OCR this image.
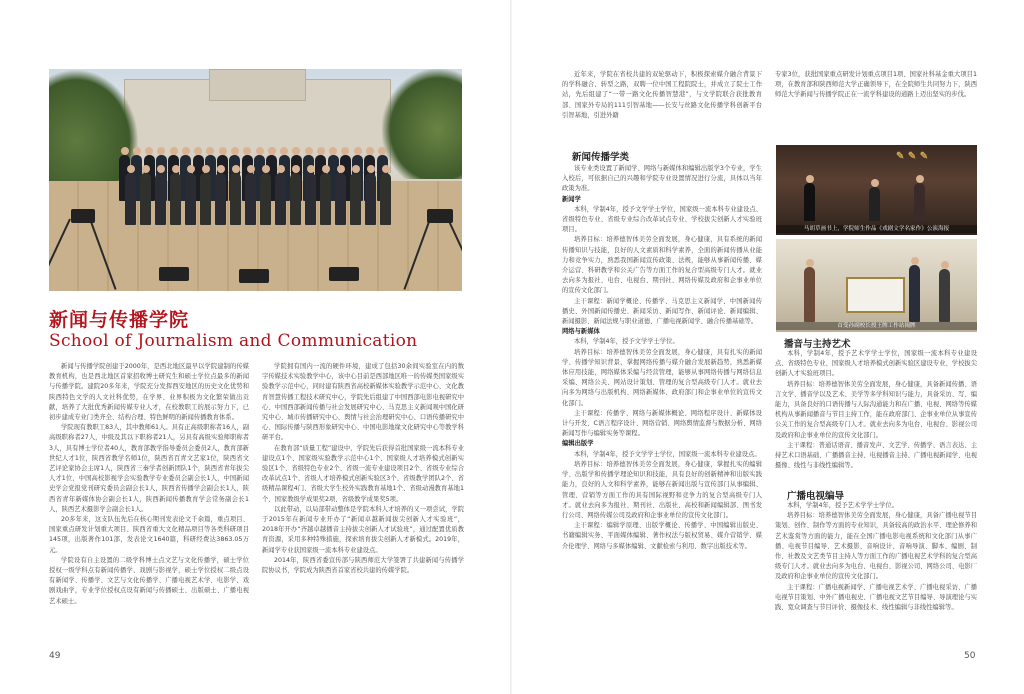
新闻与传播学院
School of Journalism and Communication

新闻与传播学院创建于2000年，是西北地区最早以学院建制的传媒教育机构，也是西北地区首家招收博士研究生和硕士学位点最多的新闻与传播学院。建院20多年来，学院充分发挥西安地区的历史文化优势和陕西特色文学的人文社科优势，在学界、业界积极为文化繁荣做出贡献，培养了大批优秀新闻传媒专业人才，在校教职工的展示努力下，已初步建成专业门类齐全、结构合理、特色鲜明的新闻传播教育体系。

学院现有教职工83人，其中教师61人。具有正高级职称者16人，副高级职称者27人，中级及其以下职称者21人，另具有高级实验师职称者3人，具有博士学位者40人，教育部教学指导委员会委员2人，教育部新世纪人才1位，陕西省教学名师1位，陕西省百青文艺家1位，陕西省文艺评论家协会主席1人，陕西省三秦学者创新团队1个，陕西省青年拔尖人才1位，中国高校影视学会实验教学专业委员会副会长1人，中国新闻史学会党报党刊研究委员会副会长1人，陕西省传播学会副会长1人，陕西省青年新媒体协会副会长1人，陕西新闻传播教育学会常务副会长1人，陕西艺术摄影学会副会长1人。

20多年来，这支队伍先后在核心期刊发表论文千余篇，重点项目、国家重点研发计划重大项目、陕西省重大文化精品项目等各类科研项目145项，出版著作101部，发表论文1640篇，科研经费达3863.05万元。

学院设有自主设置的二级学科博士点文艺与文化传播学，硕士学位授权一级学科点有新闻传播学、戏剧与影视学，硕士学位授权二级点设有新闻学、传播学、文艺与文化传播学、广播电视艺术学、电影学、戏剧戏曲学，专业学位授权点设有新闻与传播硕士、出版硕士、广播电视艺术硕士。

学院拥有国内一流的硬件环境，建成了包括30余间实验室在内的数字传媒技术实验教学中心，该中心目前是西部地区唯一的传媒类国家级实验教学示范中心，同时建有陕西省高校新媒体实验教学示范中心、文化教育智慧传播工程技术研究中心，学院先后组建了中国西部电影电视研究中心、中国西部新闻传播与社会发展研究中心、马克思主义新闻观中国化研究中心、城市传播研究中心、舆情与社会治理研究中心、口语传播研究中心、国际传播与陕西形象研究中心、中国电影地缘文化研究中心等教学科研平台。

在教育部“质量工程”建设中，学院先后获得首批国家级一流本科专业建设点1个、国家级实验教学示范中心1个、国家级人才培养模式创新实验区1个、省级特色专业2个、省级一流专业建设项目2个、省级专业综合改革试点1个、省级人才培养模式创新实验区3个、省级教学团队2个、省级精品课程4门、省级大学生校外实践教育基地1个、省级动漫教育基地1个、国家教级学成果奖2项、省级教学成果奖5项。

以此带动，以局部带动整体是学院本科人才培养的又一项尝试，学院于2015年在新闻专业开办了“新闻卓越新闻拔尖创新人才实验班”，2018年开办“齐越卓越播音主持拔尖创新人才试验班”，通过配置优质教育资源，采用多种特殊措施，探索培育拔尖创新人才新模式。2019年，新闻学专业获国家级一流本科专业建设点。

2014年，陕西省委宣传部与陕西师范大学签署了共建新闻与传播学院协议书，学院成为陕西省首家省校共建的传媒学院。

49

近年来，学院在省校共建的双轮驱动下，积极探索媒介融合背景下的学科融合、转型之路，双聘一位中国工程院院士，并成立了院士工作站，先后组建了“一带一路文化传播智慧港”，与文学院联合获批教育部、国家外专局的111引智基地——长安与丝路文化传播学科创新平台引智基地，引进外籍

专家3位，获批国家重点研发计划重点项目1项、国家社科基金重大项目1项，在教育部和陕西师范大学正确领导下，在全院师生共同努力下，陕西师范大学新闻与传播学院正在一流学科建设的道路上迈出坚实的步伐。

新闻传播学类

该专业类设置了新闻学、网络与新媒体和编辑出版学3个专业，学生入校后，可依据自己的兴趣和学院专业设置情况进行分流，具体以当年政策为准。

新闻学

本科，学制4年，授予文学学士学位，国家级一流本科专业建设点、省级特色专业、省级专业综合改革试点专业、学校拔尖创新人才实验班项目。

培养目标：培养德智体美劳全面发展，身心健康，具有系统的新闻传播知识与技能，良好的人文素质和科学素养，全面的新闻传播从业能力和竞争实力，熟悉我国新闻宣传政策、法规，能够从事新闻传播、媒介运营、科研教学和公关广告等方面工作的复合型高级专门人才。就业去向多为报社、电台、电视台、期刊社、网络传媒及政府和企事业单位的宣传文化部门。

主干课程：新闻学概论、传播学、马克思主义新闻学、中国新闻传播史、外国新闻传播史、新闻采访、新闻写作、新闻评论、新闻编辑、新闻摄影、新闻法规与职业道德、广播电视新闻学、融合传播基础等。

网络与新媒体

本科，学制4年，授予文学学士学位。

培养目标：培养德智体美劳全面发展，身心健康，具有扎实的新闻学、传播学知识背景，掌握网络传播与媒介融合发展新趋势，熟悉新媒体应用技能，网络媒体采编与经营管理，能够从事网络传播与网络信息采编、网络公关、网站设计策划、管理的复合型高级专门人才。就业去向多为网络与出版机构、网络新媒体、政府部门和企事业单位的宣传文化部门。

主干课程：传播学、网络与新媒体概论、网络程序设计、新媒体设计与开发、C语言程序设计、网络营销、网络舆情监督与数据分析、网络新闻写作与编辑实务等课程。

编辑出版学

本科，学制4年，授予文学学士学位，国家级一流本科专业建设点。

培养目标：培养德智体美劳全面发展，身心健康，掌握扎实的编辑学、出版学和传播学理论知识和技能，具有良好的创新精神和出版实践能力，良好的人文和科学素养，能够在新闻出版与宣传部门从事编辑、管理、营销等方面工作的具有国际视野和竞争力的复合型高级专门人才。就业去向多为报社、期刊社、出版社、高校和新闻编辑部、图书发行公司、网络传媒公司及政府和企事业单位的宣传文化部门。

主干课程：编辑学原理、出版学概论、传播学、中国编辑出版史、书籍编辑实务、平面媒体编辑、著作权法与版权贸易、媒介营销学、媒介伦理学、网络与多媒体编辑、文献检索与利用、数字出版技术等。

✎ ✎ ✎
马胡草画书上，学院师生作品《戏剧文学名家作》公演海报
首受孙副校长授王牌工作站揭牌
播音与主持艺术

本科，学制4年，授予艺术学学士学位，国家级一流本科专业建设点、省级特色专业、国家级人才培养模式创新实验区建设专业、学校拔尖创新人才实验班项目。

培养目标：培养德智体美劳全面发展，身心健康，具备新闻传播、语言文学、播音学以及艺术、美学等多学科知识与能力，具备采访、写、编能力，具备良好的口语传播与人际沟通能力和在广播、电视、网络等传媒机构从事新闻播音与节目主持工作，能在政府部门、企事业单位从事宣传公关工作的复合型高级专门人才。就业去向多为电台、电视台、影视公司及政府和企事业单位的宣传文化部门。

主干课程：普通话语音、播音发声、文艺学、传播学、语言表达、主持艺术口语基础、广播播音主持、电视播音主持、广播电视新闻学、电视摄像、线性与非线性编辑等。

广播电视编导

本科，学制4年，授予艺术学学士学位。

培养目标：培养德智体美劳全面发展，身心健康，具备广播电视节目策划、创作、制作等方面的专业知识，具备较高的政治水平、理论修养和艺术鉴赏等方面的能力，能在全国广播电影电视系统和文化部门从事广播、电视节目编导、艺术摄影、音响设计、音响导演、脚本、编剧、制作、社教及文艺类节目主持人等方面工作的广播电视艺术学科的复合型高级专门人才。就业去向多为电台、电视台、影视公司、网络公司、电影厂及政府和企事业单位的宣传文化部门。

主干课程：广播电视新闻学、广播电视艺术学、广播电视采访、广播电视节目策划、中外广播电视史、广播电视文艺节目编导、导演理论与实践、宽众调查与节目评价、摄像技术、线性编辑与非线性编辑等。

50
